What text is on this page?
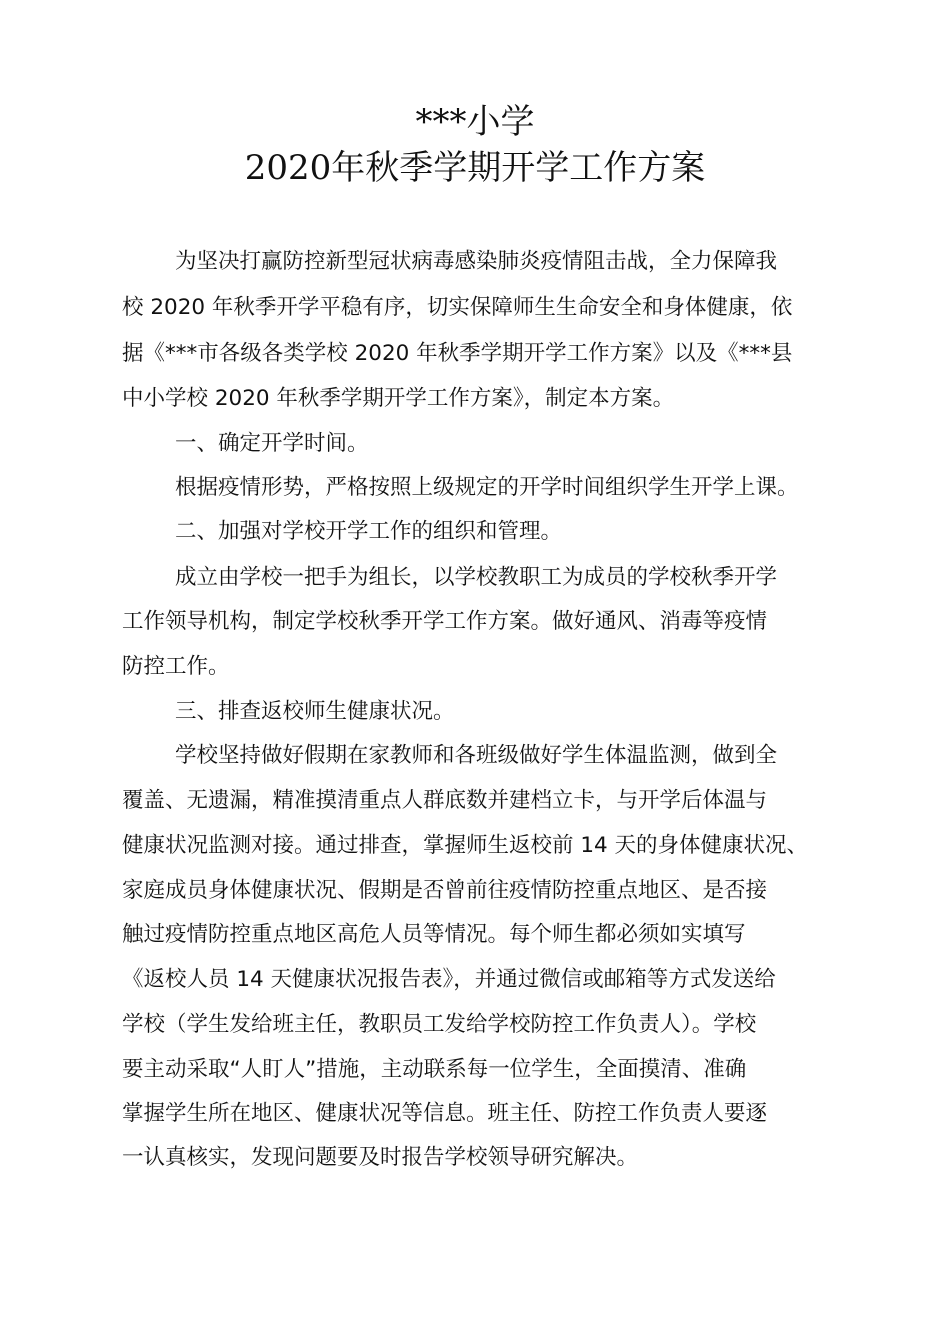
***小学
2020年秋季学期开学工作方案
为坚决打赢防控新型冠状病毒感染肺炎疫情阻击战，全力保障我
校 2020 年秋季开学平稳有序，切实保障师生生命安全和身体健康，依
据《***市各级各类学校 2020 年秋季学期开学工作方案》以及《***县
中小学校 2020 年秋季学期开学工作方案》，制定本方案。
一、确定开学时间。
根据疫情形势，严格按照上级规定的开学时间组织学生开学上课。
二、加强对学校开学工作的组织和管理。
成立由学校一把手为组长，以学校教职工为成员的学校秋季开学
工作领导机构，制定学校秋季开学工作方案。做好通风、消毒等疫情
防控工作。
三、排查返校师生健康状况。
学校坚持做好假期在家教师和各班级做好学生体温监测，做到全
覆盖、无遗漏，精准摸清重点人群底数并建档立卡，与开学后体温与
健康状况监测对接。通过排查，掌握师生返校前 14 天的身体健康状况、
家庭成员身体健康状况、假期是否曾前往疫情防控重点地区、是否接
触过疫情防控重点地区高危人员等情况。每个师生都必须如实填写
《返校人员 14 天健康状况报告表》，并通过微信或邮箱等方式发送给
学校（学生发给班主任，教职员工发给学校防控工作负责人）。学校
要主动采取“人盯人”措施，主动联系每一位学生，全面摸清、准确
掌握学生所在地区、健康状况等信息。班主任、防控工作负责人要逐
一认真核实，发现问题要及时报告学校领导研究解决。
